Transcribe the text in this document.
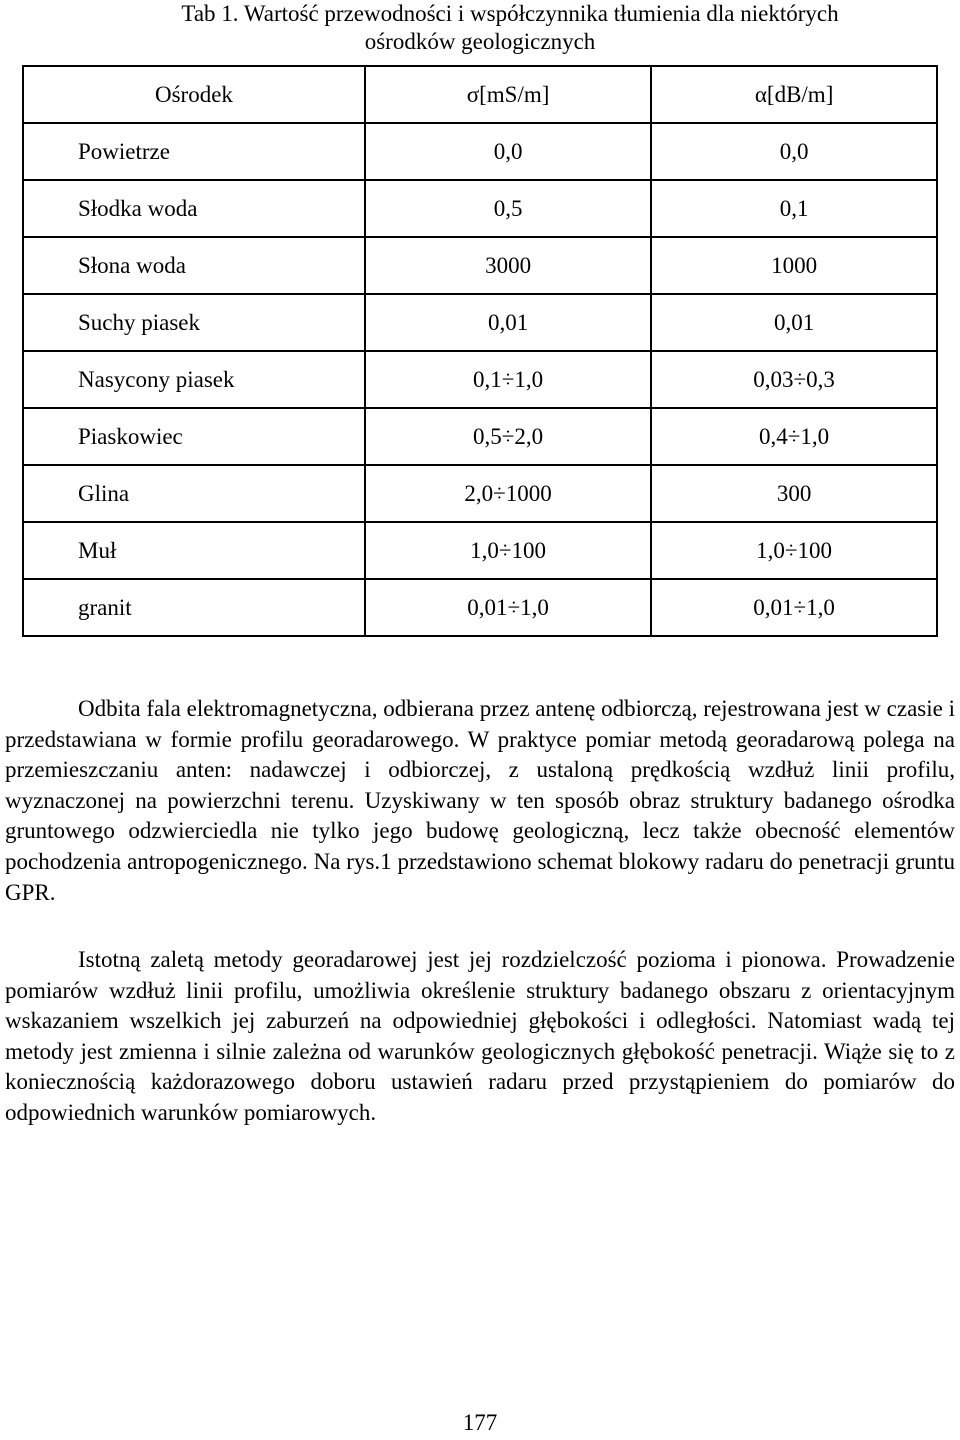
Tab 1. Wartość przewodności i współczynnika tłumienia dla niektórych
ośrodków geologicznych
Ośrodek	σ[mS/m]	α[dB/m]
Powietrze	0,0	0,0
Słodka woda	0,5	0,1
Słona woda	3000	1000
Suchy piasek	0,01	0,01
Nasycony piasek	0,1÷1,0	0,03÷0,3
Piaskowiec	0,5÷2,0	0,4÷1,0
Glina	2,0÷1000	300
Muł	1,0÷100	1,0÷100
granit	0,01÷1,0	0,01÷1,0
Odbita fala elektromagnetyczna, odbierana przez antenę odbiorczą, rejestrowana jest w czasie i przedstawiana w formie profilu georadarowego. W praktyce pomiar metodą georadarową polega na przemieszczaniu anten: nadawczej i odbiorczej, z ustaloną prędkością wzdłuż linii profilu, wyznaczonej na powierzchni terenu. Uzyskiwany w ten sposób obraz struktury badanego ośrodka gruntowego odzwierciedla nie tylko jego budowę geologiczną, lecz także obecność elementów pochodzenia antropogenicznego. Na rys.1 przedstawiono schemat blokowy radaru do penetracji gruntu GPR.
Istotną zaletą metody georadarowej jest jej rozdzielczość pozioma i pionowa. Prowadzenie pomiarów wzdłuż linii profilu, umożliwia określenie struktury badanego obszaru z orientacyjnym wskazaniem wszelkich jej zaburzeń na odpowiedniej głębokości i odległości. Natomiast wadą tej metody jest zmienna i silnie zależna od warunków geologicznych głębokość penetracji. Wiąże się to z koniecznością każdorazowego doboru ustawień radaru przed przystąpieniem do pomiarów do odpowiednich warunków pomiarowych.
177
